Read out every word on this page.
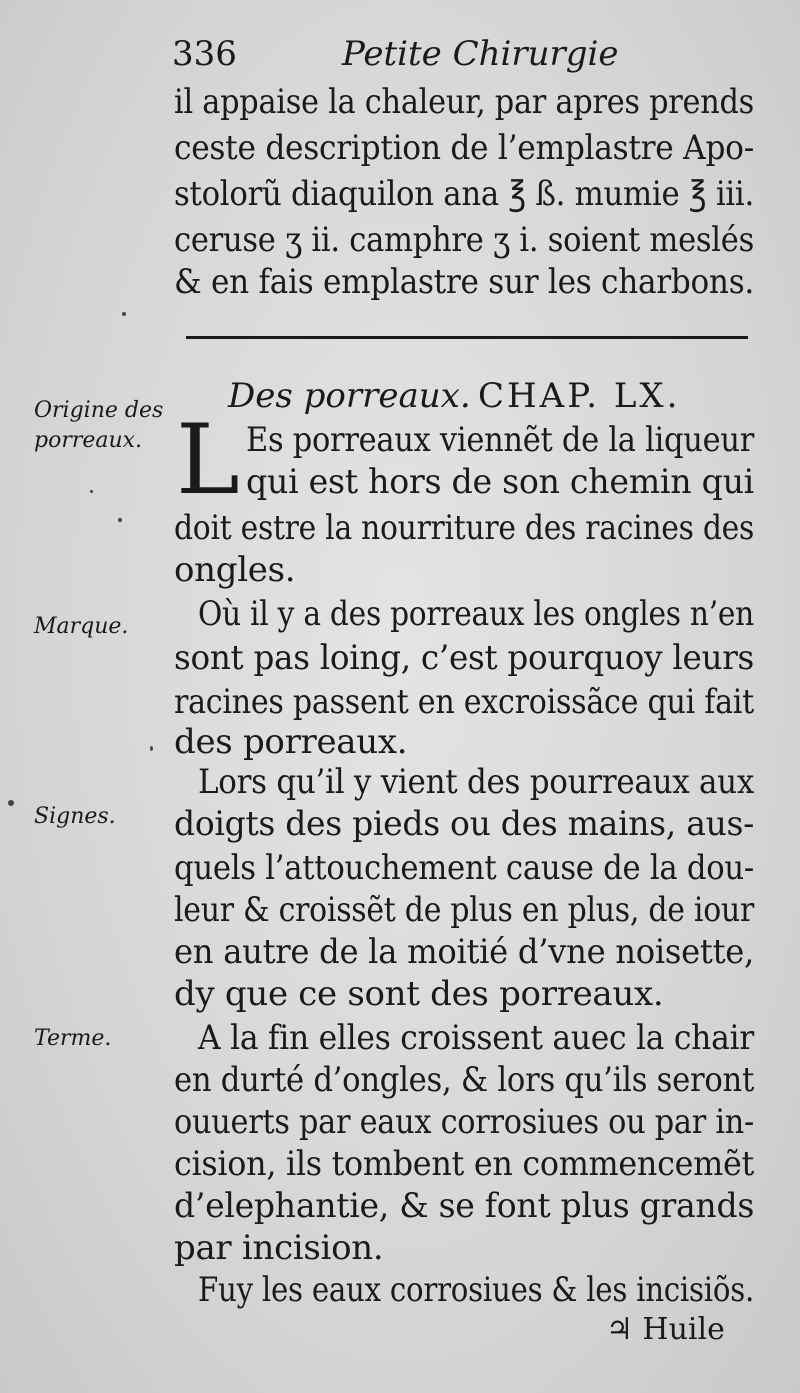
336	Petite Chirurgie
il appaise la chaleur, par apres prends
ceste description de l’emplastre Apo-
stolorũ diaquilon ana ℥ ß. mumie ℥ iii.
ceruse ʒ ii. camphre ʒ i. soient meslés
& en fais emplastre sur les charbons.
Origine des
porreaux.
Des porreaux. CHAP. LX.
L Es porreaux viennẽt de la liqueur
qui est hors de son chemin qui
doit estre la nourriture des racines des
ongles.
Marque.	Où il y a des porreaux les ongles n’en
sont pas loing, c’est pourquoy leurs
racines passent en excroissãce qui fait
des porreaux.
Lors qu’il y vient des pourreaux aux
Signes.	doigts des pieds ou des mains, aus-
quels l’attouchement cause de la dou-
leur & croissẽt de plus en plus, de iour
en autre de la moitié d’vne noisette,
dy que ce sont des porreaux.
Terme.	A la fin elles croissent auec la chair
en durté d’ongles, & lors qu’ils seront
ouuerts par eaux corrosiues ou par in-
cision, ils tombent en commencemẽt
d’elephantie, & se font plus grands
par incision.
Fuy les eaux corrosiues & les incisiõs.
♃ Huile
